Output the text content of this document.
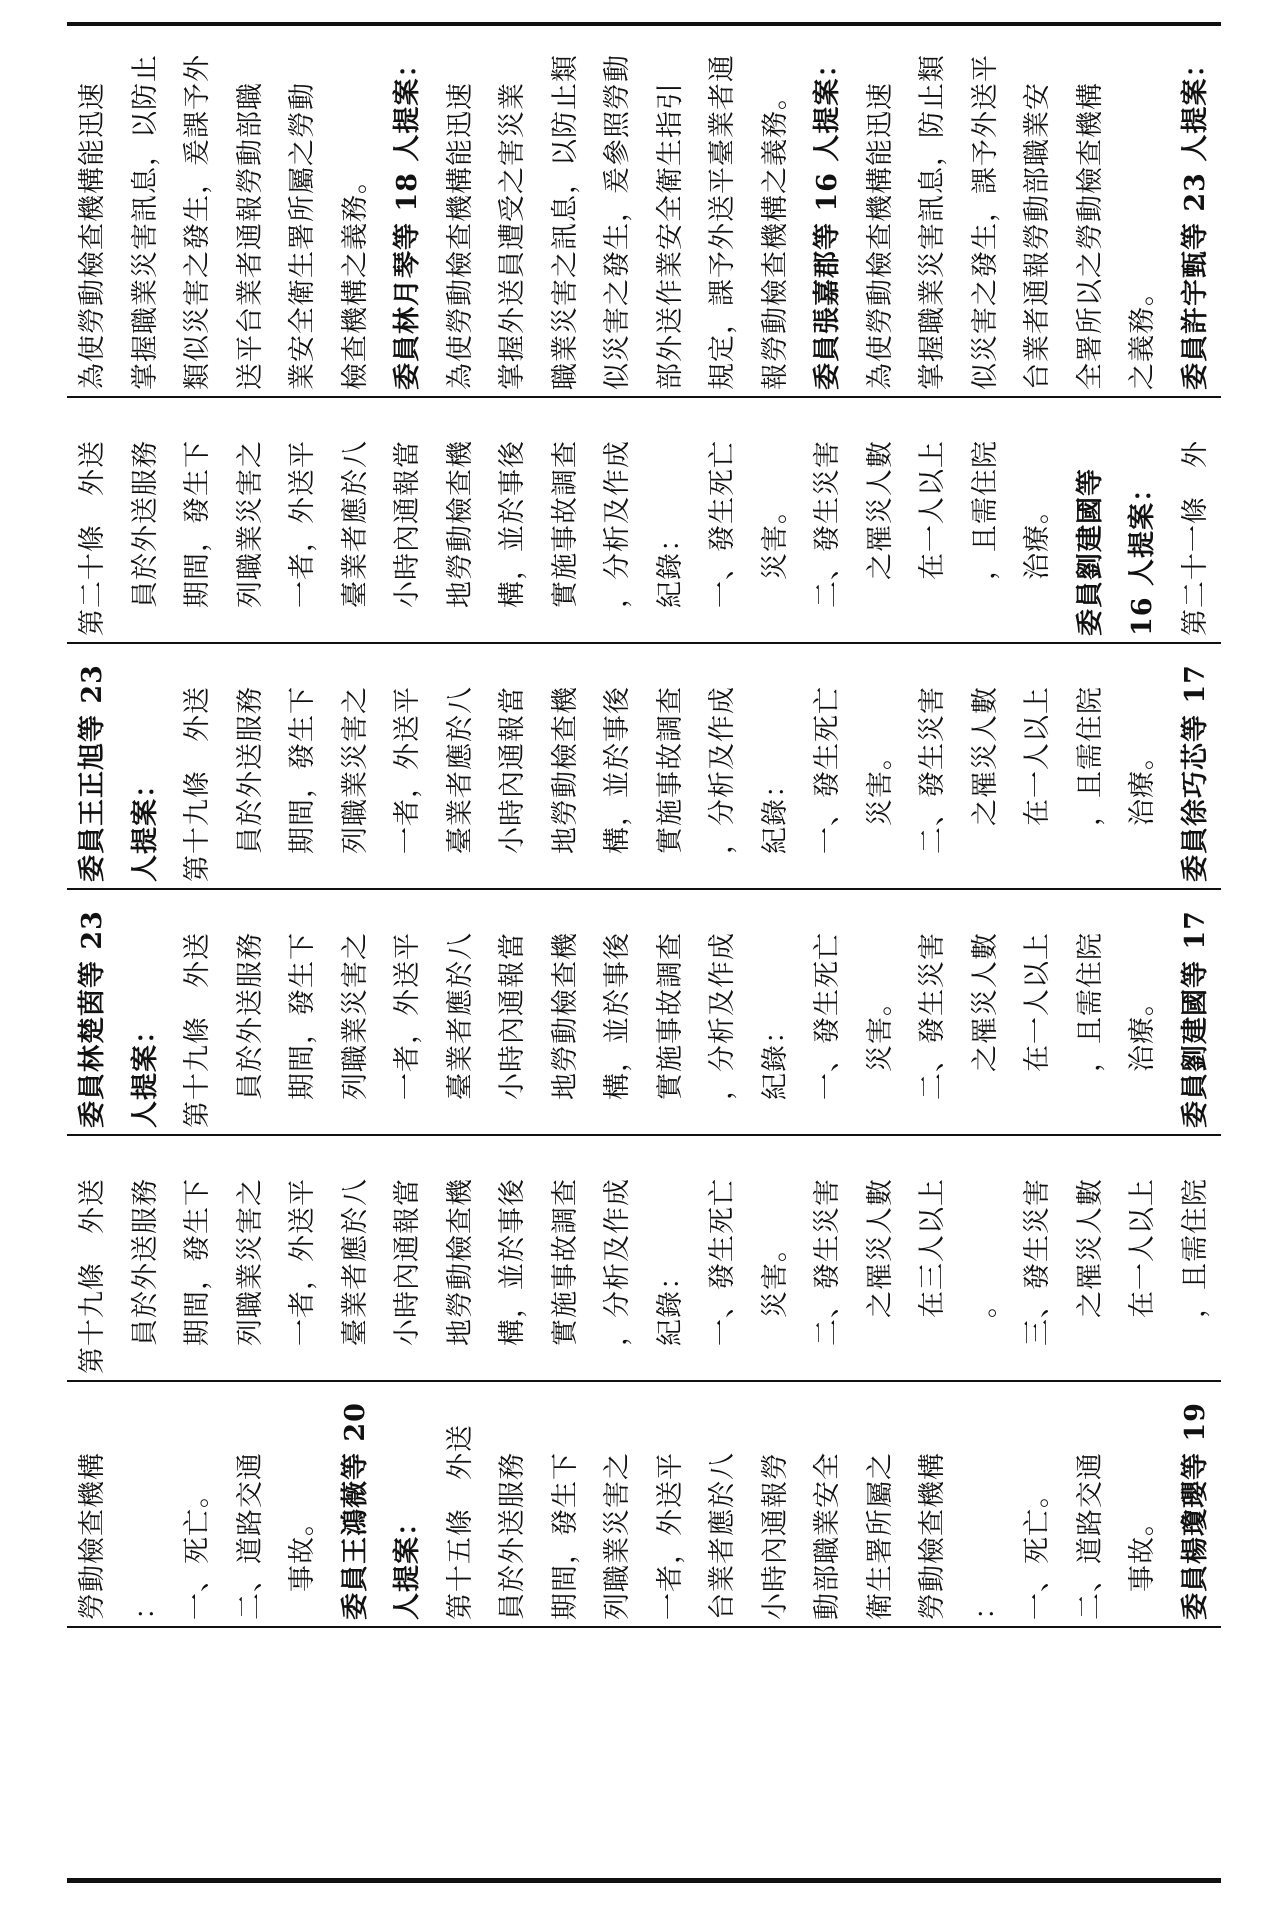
為使勞動檢查機構能迅速 掌握職業災害訊息，以防止 類似災害之發生，爰課予外 送平台業者通報勞動部職 業安全衛生署所屬之勞動 檢查機構之義務。 委員林月琴等 18 人提案： 為使勞動檢查機構能迅速 掌握外送員遭受之害災業 職業災害之訊息，以防止類 似災害之發生，爰參照勞動 部外送作業安全衛生指引 規定，課予外送平臺業者通 報勞動檢查機構之義務。 委員張嘉郡等 16 人提案： 為使勞動檢查機構能迅速 掌握職業災害訊息，防止類 似災害之發生，課予外送平 台業者通報勞動部職業安 全署所以之勞動檢查機構 之義務。 委員許宇甄等 23 人提案：
第二十條　外送 　員於外送服務 　期間，發生下 　列職業災害之 　一者，外送平 　臺業者應於八 　小時內通報當 　地勞動檢查機 　構，並於事後 　實施事故調查 　，分析及作成 　紀錄： 　一、發生死亡 　　災害。 　二、發生災害 　　之罹災人數 　　在一人以上 　　，且需住院 　　治療。 委員劉建國等 16 人提案： 第二十一條　外
委員王正旭等 23 人提案： 第十九條　外送 　員於外送服務 　期間，發生下 　列職業災害之 　一者，外送平 　臺業者應於八 　小時內通報當 　地勞動檢查機 　構，並於事後 　實施事故調查 　，分析及作成 　紀錄： 　一、發生死亡 　　災害。 　二、發生災害 　　之罹災人數 　　在一人以上 　　，且需住院 　　治療。 委員徐巧芯等 17
委員林楚茵等 23 人提案： 第十九條　外送 　員於外送服務 　期間，發生下 　列職業災害之 　一者，外送平 　臺業者應於八 　小時內通報當 　地勞動檢查機 　構，並於事後 　實施事故調查 　，分析及作成 　紀錄： 　一、發生死亡 　　災害。 　二、發生災害 　　之罹災人數 　　在一人以上 　　，且需住院 　　治療。 委員劉建國等 17
第十九條　外送 　員於外送服務 　期間，發生下 　列職業災害之 　一者，外送平 　臺業者應於八 　小時內通報當 　地勞動檢查機 　構，並於事後 　實施事故調查 　，分析及作成 　紀錄： 　一、發生死亡 　　災害。 　二、發生災害 　　之罹災人數 　　在三人以上 　　。 　三、發生災害 　　之罹災人數 　　在一人以上 　　，且需住院
勞動檢查機構 ： 一、死亡。 二、道路交通 　事故。 委員王鴻薇等 20 人提案： 第十五條　外送 員於外送服務 期間，發生下 列職業災害之 一者，外送平 台業者應於八 小時內通報勞 動部職業安全 衛生署所屬之 勞動檢查機構 ： 一、死亡。 二、道路交通 　事故。 委員楊瓊瓔等 19
